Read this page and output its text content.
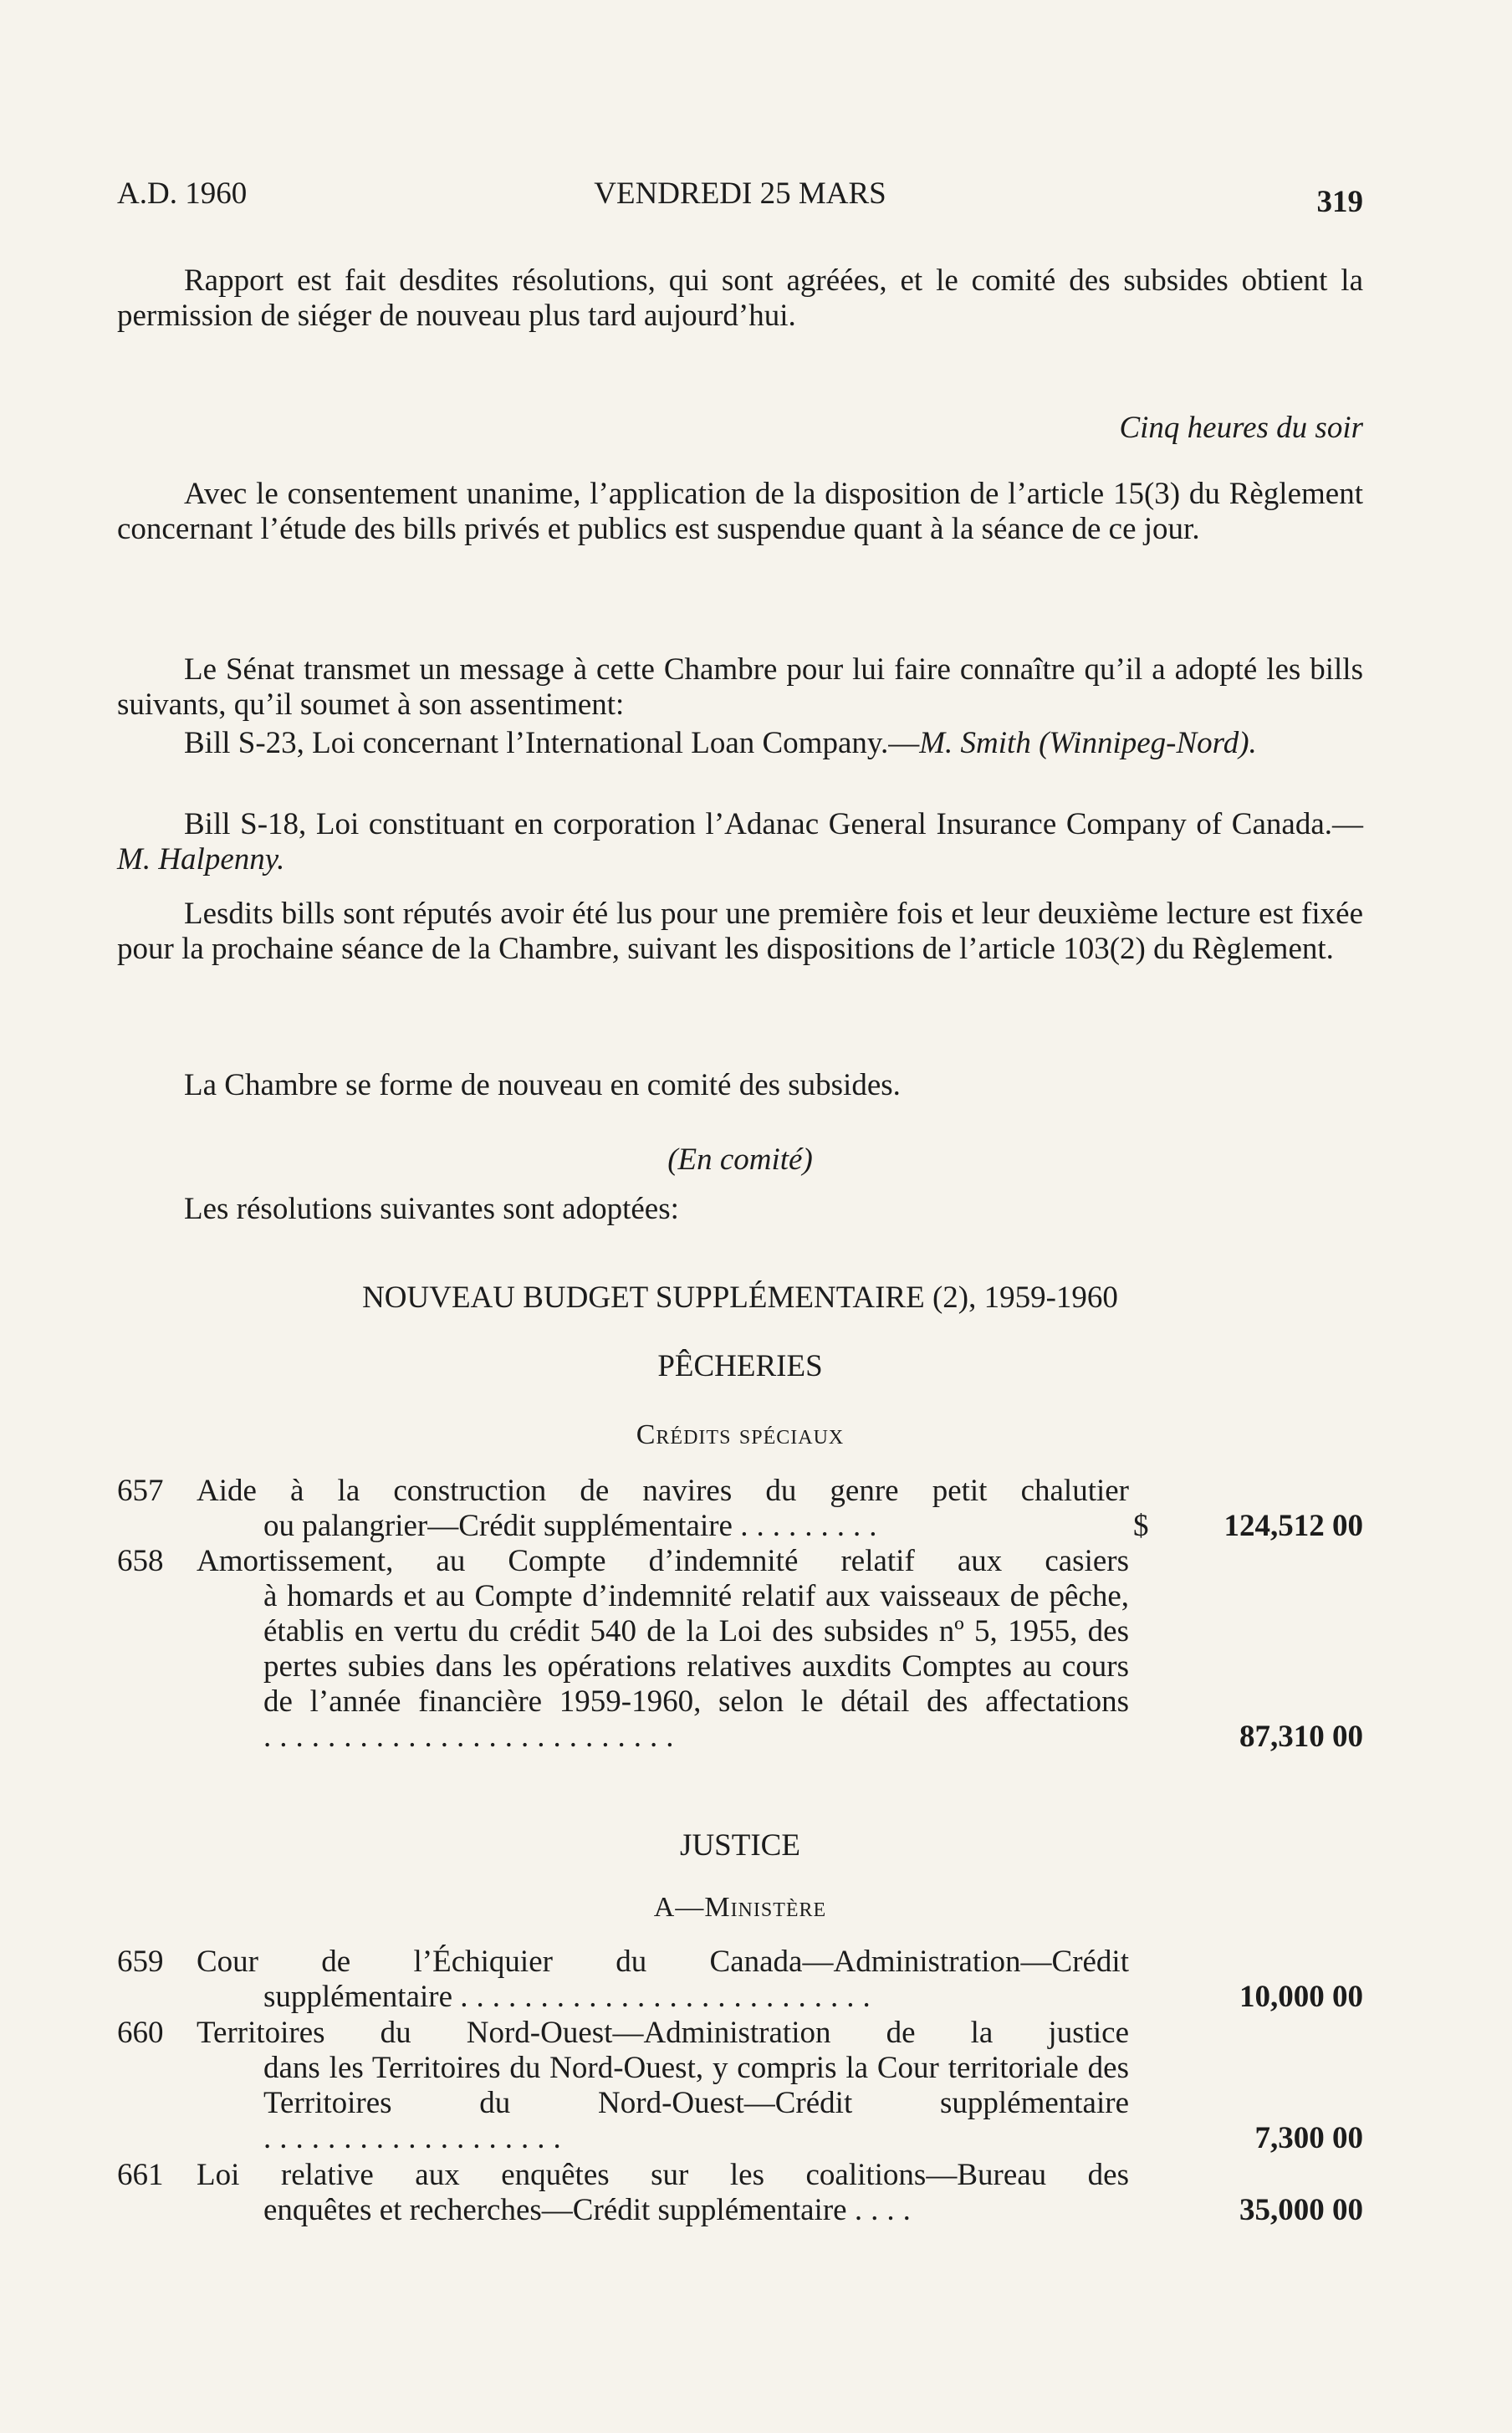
A.D. 1960	VENDREDI 25 MARS	319
Rapport est fait desdites résolutions, qui sont agréées, et le comité des subsides obtient la permission de siéger de nouveau plus tard aujourd’hui.
Cinq heures du soir
Avec le consentement unanime, l’application de la disposition de l’article 15(3) du Règlement concernant l’étude des bills privés et publics est suspendue quant à la séance de ce jour.
Le Sénat transmet un message à cette Chambre pour lui faire connaître qu’il a adopté les bills suivants, qu’il soumet à son assentiment:
Bill S-23, Loi concernant l’International Loan Company.—M. Smith (Winnipeg-Nord).
Bill S-18, Loi constituant en corporation l’Adanac General Insurance Company of Canada.—M. Halpenny.
Lesdits bills sont réputés avoir été lus pour une première fois et leur deuxième lecture est fixée pour la prochaine séance de la Chambre, suivant les dispositions de l’article 103(2) du Règlement.
La Chambre se forme de nouveau en comité des subsides.
(En comité)
Les résolutions suivantes sont adoptées:
NOUVEAU BUDGET SUPPLÉMENTAIRE (2), 1959-1960
PÊCHERIES
Crédits spéciaux
657	Aide à la construction de navires du genre petit chalutier
ou palangrier—Crédit supplémentaire .........	$	124,512 00
658	Amortissement, au Compte d’indemnité relatif aux casiers
à homards et au Compte d’indemnité relatif aux vaisseaux de pêche, établis en vertu du crédit 540 de la Loi des subsides nº 5, 1955, des pertes subies dans les opérations relatives auxdits Comptes au cours de l’année financière 1959-1960, selon le détail des affectations ..........................	87,310 00
JUSTICE
A—Ministère
659	Cour de l’Échiquier du Canada—Administration—Crédit
supplémentaire ..........................	10,000 00
660	Territoires du Nord-Ouest—Administration de la justice
dans les Territoires du Nord-Ouest, y compris la Cour territoriale des Territoires du Nord-Ouest—Crédit supplémentaire ...................	7,300 00
661	Loi relative aux enquêtes sur les coalitions—Bureau des
enquêtes et recherches—Crédit supplémentaire ....	35,000 00
